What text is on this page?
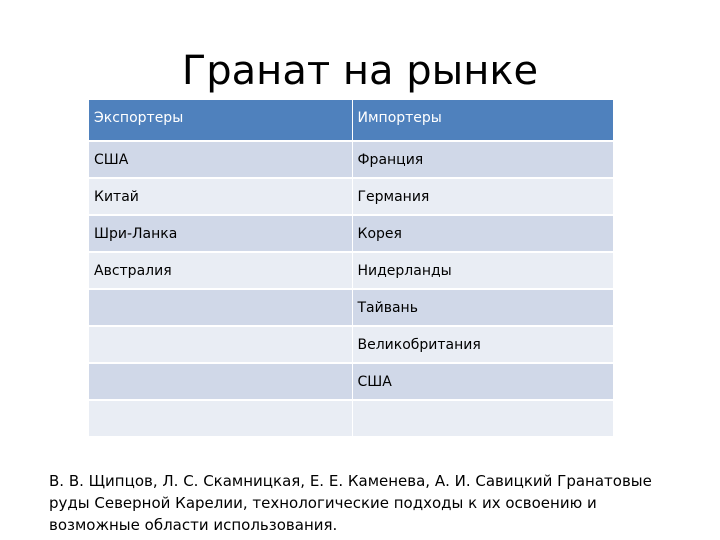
Гранат на рынке
Экспортеры	Импортеры
США	Франция
Китай	Германия
Шри-Ланка	Корея
Австралия	Нидерланды
	Тайвань
	Великобритания
	США

В. В. Щипцов, Л. С. Скамницкая, Е. Е. Каменева, А. И. Савицкий Гранатовые руды Северной Карелии, технологические подходы к их освоению и возможные области использования.
